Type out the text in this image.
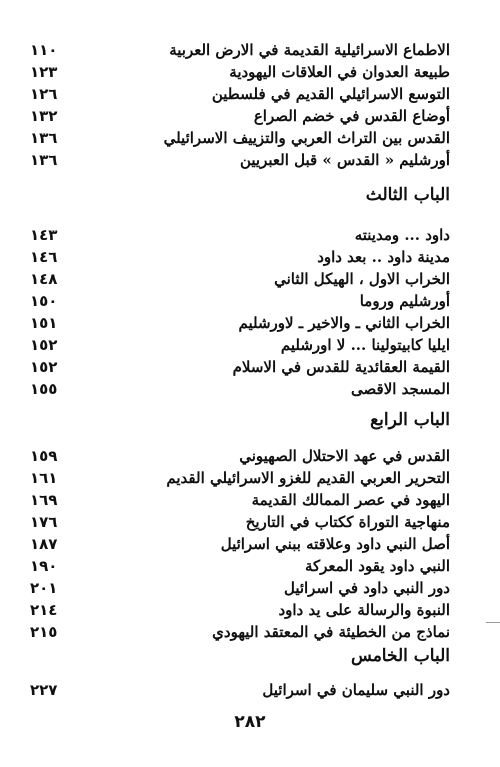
١١٠	الاطماع الاسرائيلية القديمة في الارض العربية
١٢٣	طبيعة العدوان في العلاقات اليهودية
١٢٦	التوسع الاسرائيلي القديم في فلسطين
١٣٢	أوضاع القدس في خضم الصراع
١٣٦	القدس بين التراث العربي والتزييف الاسرائيلي
١٣٦	أورشليم « القدس » قبل العبريين
الباب الثالث
١٤٣	داود ... ومدينته
١٤٦	مدينة داود .. بعد داود
١٤٨	الخراب الاول ، الهيكل الثاني
١٥٠	أورشليم وروما
١٥١	الخراب الثاني ـ والاخير ـ لاورشليم
١٥٢	ايليا كابيتولينا ... لا اورشليم
١٥٢	القيمة العقائدية للقدس في الاسلام
١٥٥	المسجد الاقصى
الباب الرابع
١٥٩	القدس في عهد الاحتلال الصهيوني
١٦١	التحرير العربي القديم للغزو الاسرائيلي القديم
١٦٩	اليهود في عصر الممالك القديمة
١٧٦	منهاجية التوراة ككتاب في التاريخ
١٨٧	أصل النبي داود وعلاقته ببني اسرائيل
١٩٠	النبي داود يقود المعركة
٢٠١	دور النبي داود في اسرائيل
٢١٤	النبوة والرسالة على يد داود
٢١٥	نماذج من الخطيئة في المعتقد اليهودي
الباب الخامس
٢٢٧	دور النبي سليمان في اسرائيل
٢٨٢
